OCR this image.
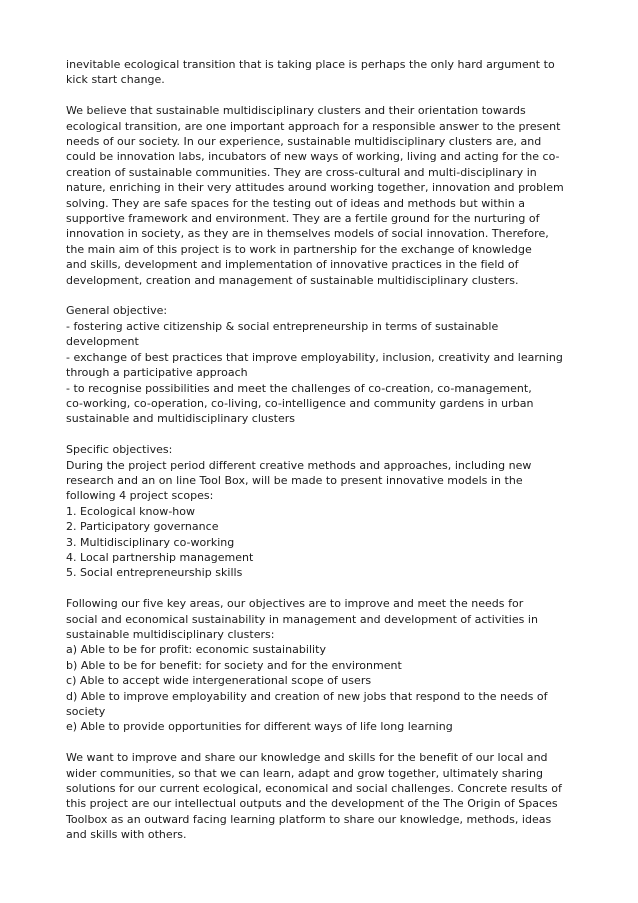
inevitable ecological transition that is taking place is perhaps the only hard argument to
kick start change.
We believe that sustainable multidisciplinary clusters and their orientation towards
ecological transition, are one important approach for a responsible answer to the present
needs of our society. In our experience, sustainable multidisciplinary clusters are, and
could be innovation labs, incubators of new ways of working, living and acting for the co-
creation of sustainable communities. They are cross-cultural and multi-disciplinary in
nature, enriching in their very attitudes around working together, innovation and problem
solving. They are safe spaces for the testing out of ideas and methods but within a
supportive framework and environment. They are a fertile ground for the nurturing of
innovation in society, as they are in themselves models of social innovation. Therefore,
the main aim of this project is to work in partnership for the exchange of knowledge
and skills, development and implementation of innovative practices in the field of
development, creation and management of sustainable multidisciplinary clusters.
General objective:
- fostering active citizenship & social entrepreneurship in terms of sustainable
development
- exchange of best practices that improve employability, inclusion, creativity and learning
through a participative approach
- to recognise possibilities and meet the challenges of co-creation, co-management,
co-working, co-operation, co-living, co-intelligence and community gardens in urban
sustainable and multidisciplinary clusters
Specific objectives:
During the project period different creative methods and approaches, including new
research and an on line Tool Box, will be made to present innovative models in the
following 4 project scopes:
1. Ecological know-how
2. Participatory governance
3. Multidisciplinary co-working
4. Local partnership management
5. Social entrepreneurship skills
Following our five key areas, our objectives are to improve and meet the needs for
social and economical sustainability in management and development of activities in
sustainable multidisciplinary clusters:
a) Able to be for profit: economic sustainability
b) Able to be for benefit: for society and for the environment
c) Able to accept wide intergenerational scope of users
d) Able to improve employability and creation of new jobs that respond to the needs of
society
e) Able to provide opportunities for different ways of life long learning
We want to improve and share our knowledge and skills for the benefit of our local and
wider communities, so that we can learn, adapt and grow together, ultimately sharing
solutions for our current ecological, economical and social challenges. Concrete results of
this project are our intellectual outputs and the development of the The Origin of Spaces
Toolbox as an outward facing learning platform to share our knowledge, methods, ideas
and skills with others.
